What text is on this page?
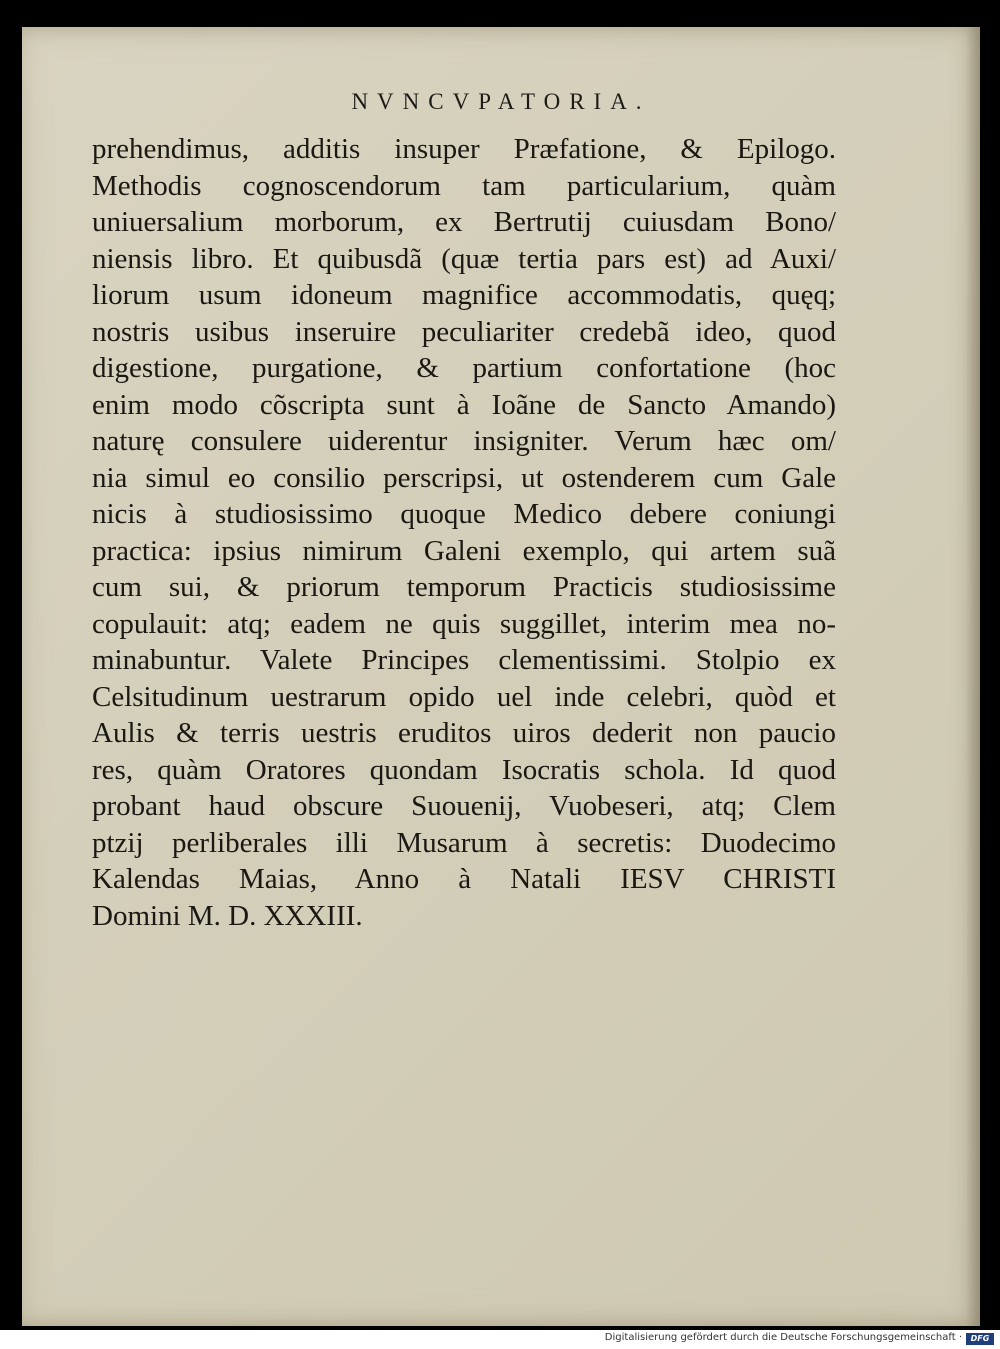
NVNCVPATORIA.
prehendimus, additis insuper Præfatione, & Epilogo.
Methodis cognoscendorum tam particularium, quàm
uniuersalium morborum, ex Bertrutij cuiusdam Bono/
niensis libro. Et quibusdã (quæ tertia pars est) ad Auxi/
liorum usum idoneum magnifice accommodatis, quęq;
nostris usibus inseruire peculiariter credebã ideo, quod
digestione, purgatione, & partium confortatione (hoc
enim modo cõscripta sunt à Ioãne de Sancto Amando)
naturę consulere uiderentur insigniter. Verum hæc om/
nia simul eo consilio perscripsi, ut ostenderem cum Gale
nicis à studiosissimo quoque Medico debere coniungi
practica: ipsius nimirum Galeni exemplo, qui artem suã
cum sui, & priorum temporum Practicis studiosissime
copulauit: atq; eadem ne quis suggillet, interim mea no-
minabuntur. Valete Principes clementissimi. Stolpio ex
Celsitudinum uestrarum opido uel inde celebri, quòd et
Aulis & terris uestris eruditos uiros dederit non paucio
res, quàm Oratores quondam Isocratis schola. Id quod
probant haud obscure Suouenij, Vuobeseri, atq; Clem
ptzij perliberales illi Musarum à secretis: Duodecimo
Kalendas Maias, Anno à Natali IESV CHRISTI
Domini M. D. XXXIII.
Digitalisierung gefördert durch die Deutsche Forschungsgemeinschaft ·	DFG
